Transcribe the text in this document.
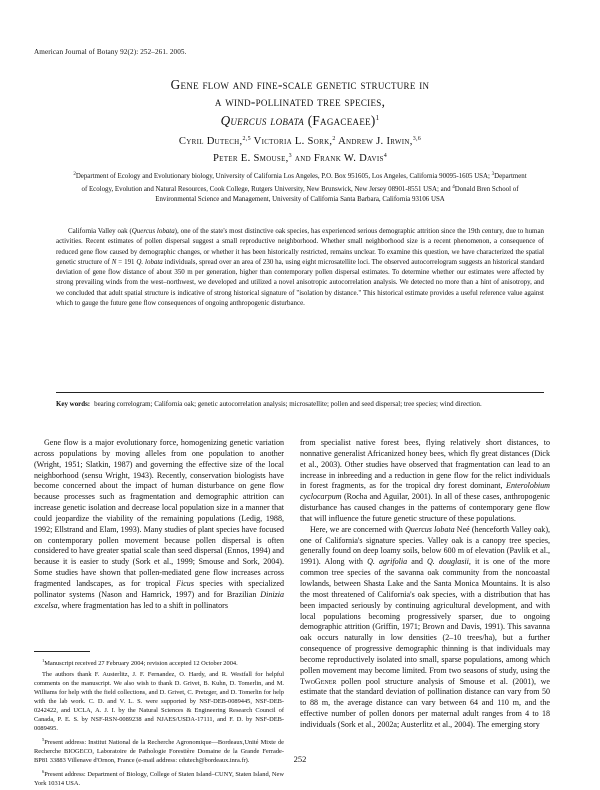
American Journal of Botany 92(2): 252–261. 2005.
Gene flow and fine-scale genetic structure in
a wind-pollinated tree species,
Quercus lobata (Fagaceaee)$^1$
Cyril Dutech,$^{2,5}$ Victoria L. Sork,$^2$ Andrew J. Irwin,$^{3,6}$
Peter E. Smouse,$^3$ and Frank W. Davis$^4$
$^2$Department of Ecology and Evolutionary biology, University of California Los Angeles, P.O. Box 951605, Los Angeles, California 90095-1605 USA; $^3$Department of Ecology, Evolution and Natural Resources, Cook College, Rutgers University, New Brunswick, New Jersey 08901-8551 USA; and $^4$Donald Bren School of Environmental Science and Management, University of California Santa Barbara, California 93106 USA
California Valley oak (Quercus lobata), one of the state's most distinctive oak species, has experienced serious demographic attrition since the 19th century, due to human activities. Recent estimates of pollen dispersal suggest a small reproductive neighborhood. Whether small neighborhood size is a recent phenomenon, a consequence of reduced gene flow caused by demographic changes, or whether it has been historically restricted, remains unclear. To examine this question, we have characterized the spatial genetic structure of N = 191 Q. lobata individuals, spread over an area of 230 ha, using eight microsatellite loci. The observed autocorrelogram suggests an historical standard deviation of gene flow distance of about 350 m per generation, higher than contemporary pollen dispersal estimates. To determine whether our estimates were affected by strong prevailing winds from the west–northwest, we developed and utilized a novel anisotropic autocorrelation analysis. We detected no more than a hint of anisotropy, and we concluded that adult spatial structure is indicative of strong historical signature of "isolation by distance." This historical estimate provides a useful reference value against which to gauge the future gene flow consequences of ongoing anthropogenic disturbance.
Key words: bearing correlogram; California oak; genetic autocorrelation analysis; microsatellite; pollen and seed dispersal; tree species; wind direction.

Gene flow is a major evolutionary force, homogenizing genetic variation across populations by moving alleles from one population to another (Wright, 1951; Slatkin, 1987) and governing the effective size of the local neighborhood (sensu Wright, 1943). Recently, conservation biologists have become concerned about the impact of human disturbance on gene flow because processes such as fragmentation and demographic attrition can increase genetic isolation and decrease local population size in a manner that could jeopardize the viability of the remaining populations (Ledig, 1988, 1992; Ellstrand and Elam, 1993). Many studies of plant species have focused on contemporary pollen movement because pollen dispersal is often considered to have greater spatial scale than seed dispersal (Ennos, 1994) and because it is easier to study (Sork et al., 1999; Smouse and Sork, 2004). Some studies have shown that pollen-mediated gene flow increases across fragmented landscapes, as for tropical Ficus species with specialized pollinator systems (Nason and Hamrick, 1997) and for Brazilian Dinizia excelsa, where fragmentation has led to a shift in pollinators

$^1$Manuscript received 27 February 2004; revision accepted 12 October 2004.

The authors thank F. Austerlitz, J. F. Fernandez, O. Hardy, and R. Westfall for helpful comments on the manuscript. We also wish to thank D. Grivet, B. Kuhn, D. Tomerlin, and M. Williams for help with the field collections, and D. Grivet, C. Pretzger, and D. Tomerlin for help with the lab work. C. D. and V. L. S. were supported by NSF-DEB-0089445, NSF-DEB-0242422, and UCLA, A. J. I. by the Natural Sciences & Engineering Research Council of Canada, P. E. S. by NSF-RSN-0089238 and NJAES/USDA-17111, and F. D. by NSF-DEB-0089495.

$^5$Present address: Institut National de la Recherche Agronomique—Bordeaux,Unité Mixte de Recherche BIOGECO, Laboratoire de Pathologie Forestière Domaine de la Grande Ferrade-BP81 33883 Villenave d'Ornon, France (e-mail address: cdutech@bordeaux.inra.fr).

$^6$Present address: Department of Biology, College of Staten Island–CUNY, Staten Island, New York 10314 USA.

from specialist native forest bees, flying relatively short distances, to nonnative generalist Africanized honey bees, which fly great distances (Dick et al., 2003). Other studies have observed that fragmentation can lead to an increase in inbreeding and a reduction in gene flow for the relict individuals in forest fragments, as for the tropical dry forest dominant, Enterolobium cyclocarpum (Rocha and Aguilar, 2001). In all of these cases, anthropogenic disturbance has caused changes in the patterns of contemporary gene flow that will influence the future genetic structure of these populations.

Here, we are concerned with Quercus lobata Neé (henceforth Valley oak), one of California's signature species. Valley oak is a canopy tree species, generally found on deep loamy soils, below 600 m of elevation (Pavlik et al., 1991). Along with Q. agrifolia and Q. douglasii, it is one of the more common tree species of the savanna oak community from the noncoastal lowlands, between Shasta Lake and the Santa Monica Mountains. It is also the most threatened of California's oak species, with a distribution that has been impacted seriously by continuing agricultural development, and with local populations becoming progressively sparser, due to ongoing demographic attrition (Griffin, 1971; Brown and Davis, 1991). This savanna oak occurs naturally in low densities (2–10 trees/ha), but a further consequence of progressive demographic thinning is that individuals may become reproductively isolated into small, sparse populations, among which pollen movement may become limited. From two seasons of study, using the TwoGener pollen pool structure analysis of Smouse et al. (2001), we estimate that the standard deviation of pollination distance can vary from 50 to 88 m, the average distance can vary between 64 and 110 m, and the effective number of pollen donors per maternal adult ranges from 4 to 18 individuals (Sork et al., 2002a; Austerlitz et al., 2004). The emerging story

252
